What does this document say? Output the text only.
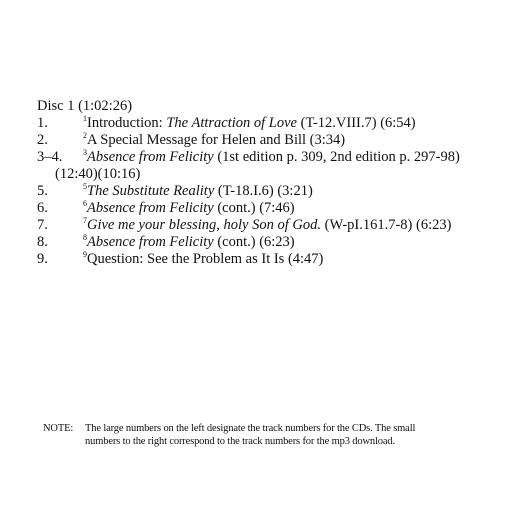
Disc 1 (1:02:26)
1.	$^1$Introduction: The Attraction of Love (T-12.VIII.7) (6:54)
2.	$^2$A Special Message for Helen and Bill (3:34)
3–4.	$^3$Absence from Felicity (1st edition p. 309, 2nd edition p. 297-98)
(12:40)(10:16)
5.	$^5$The Substitute Reality (T-18.I.6) (3:21)
6.	$^6$Absence from Felicity (cont.) (7:46)
7.	$^7$Give me your blessing, holy Son of God. (W-pI.161.7-8) (6:23)
8.	$^8$Absence from Felicity (cont.) (6:23)
9.	$^9$Question: See the Problem as It Is (4:47)
NOTE: The large numbers on the left designate the track numbers for the CDs. The small
numbers to the right correspond to the track numbers for the mp3 download.
